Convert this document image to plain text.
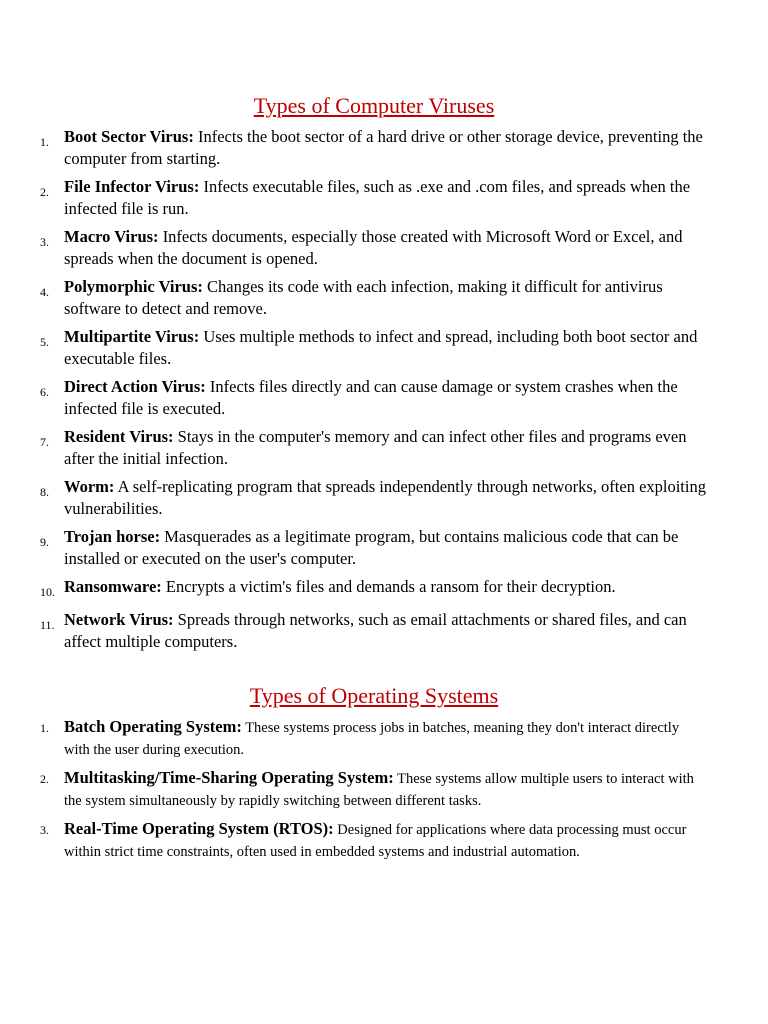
Types of Computer Viruses
1. Boot Sector Virus: Infects the boot sector of a hard drive or other storage device, preventing the computer from starting.
2. File Infector Virus: Infects executable files, such as .exe and .com files, and spreads when the infected file is run.
3. Macro Virus: Infects documents, especially those created with Microsoft Word or Excel, and spreads when the document is opened.
4. Polymorphic Virus: Changes its code with each infection, making it difficult for antivirus software to detect and remove.
5. Multipartite Virus: Uses multiple methods to infect and spread, including both boot sector and executable files.
6. Direct Action Virus: Infects files directly and can cause damage or system crashes when the infected file is executed.
7. Resident Virus: Stays in the computer's memory and can infect other files and programs even after the initial infection.
8. Worm: A self-replicating program that spreads independently through networks, often exploiting vulnerabilities.
9. Trojan horse: Masquerades as a legitimate program, but contains malicious code that can be installed or executed on the user's computer.
10. Ransomware: Encrypts a victim's files and demands a ransom for their decryption.
11. Network Virus: Spreads through networks, such as email attachments or shared files, and can affect multiple computers.
Types of Operating Systems
1. Batch Operating System: These systems process jobs in batches, meaning they don't interact directly with the user during execution.
2. Multitasking/Time-Sharing Operating System: These systems allow multiple users to interact with the system simultaneously by rapidly switching between different tasks.
3. Real-Time Operating System (RTOS): Designed for applications where data processing must occur within strict time constraints, often used in embedded systems and industrial automation.
